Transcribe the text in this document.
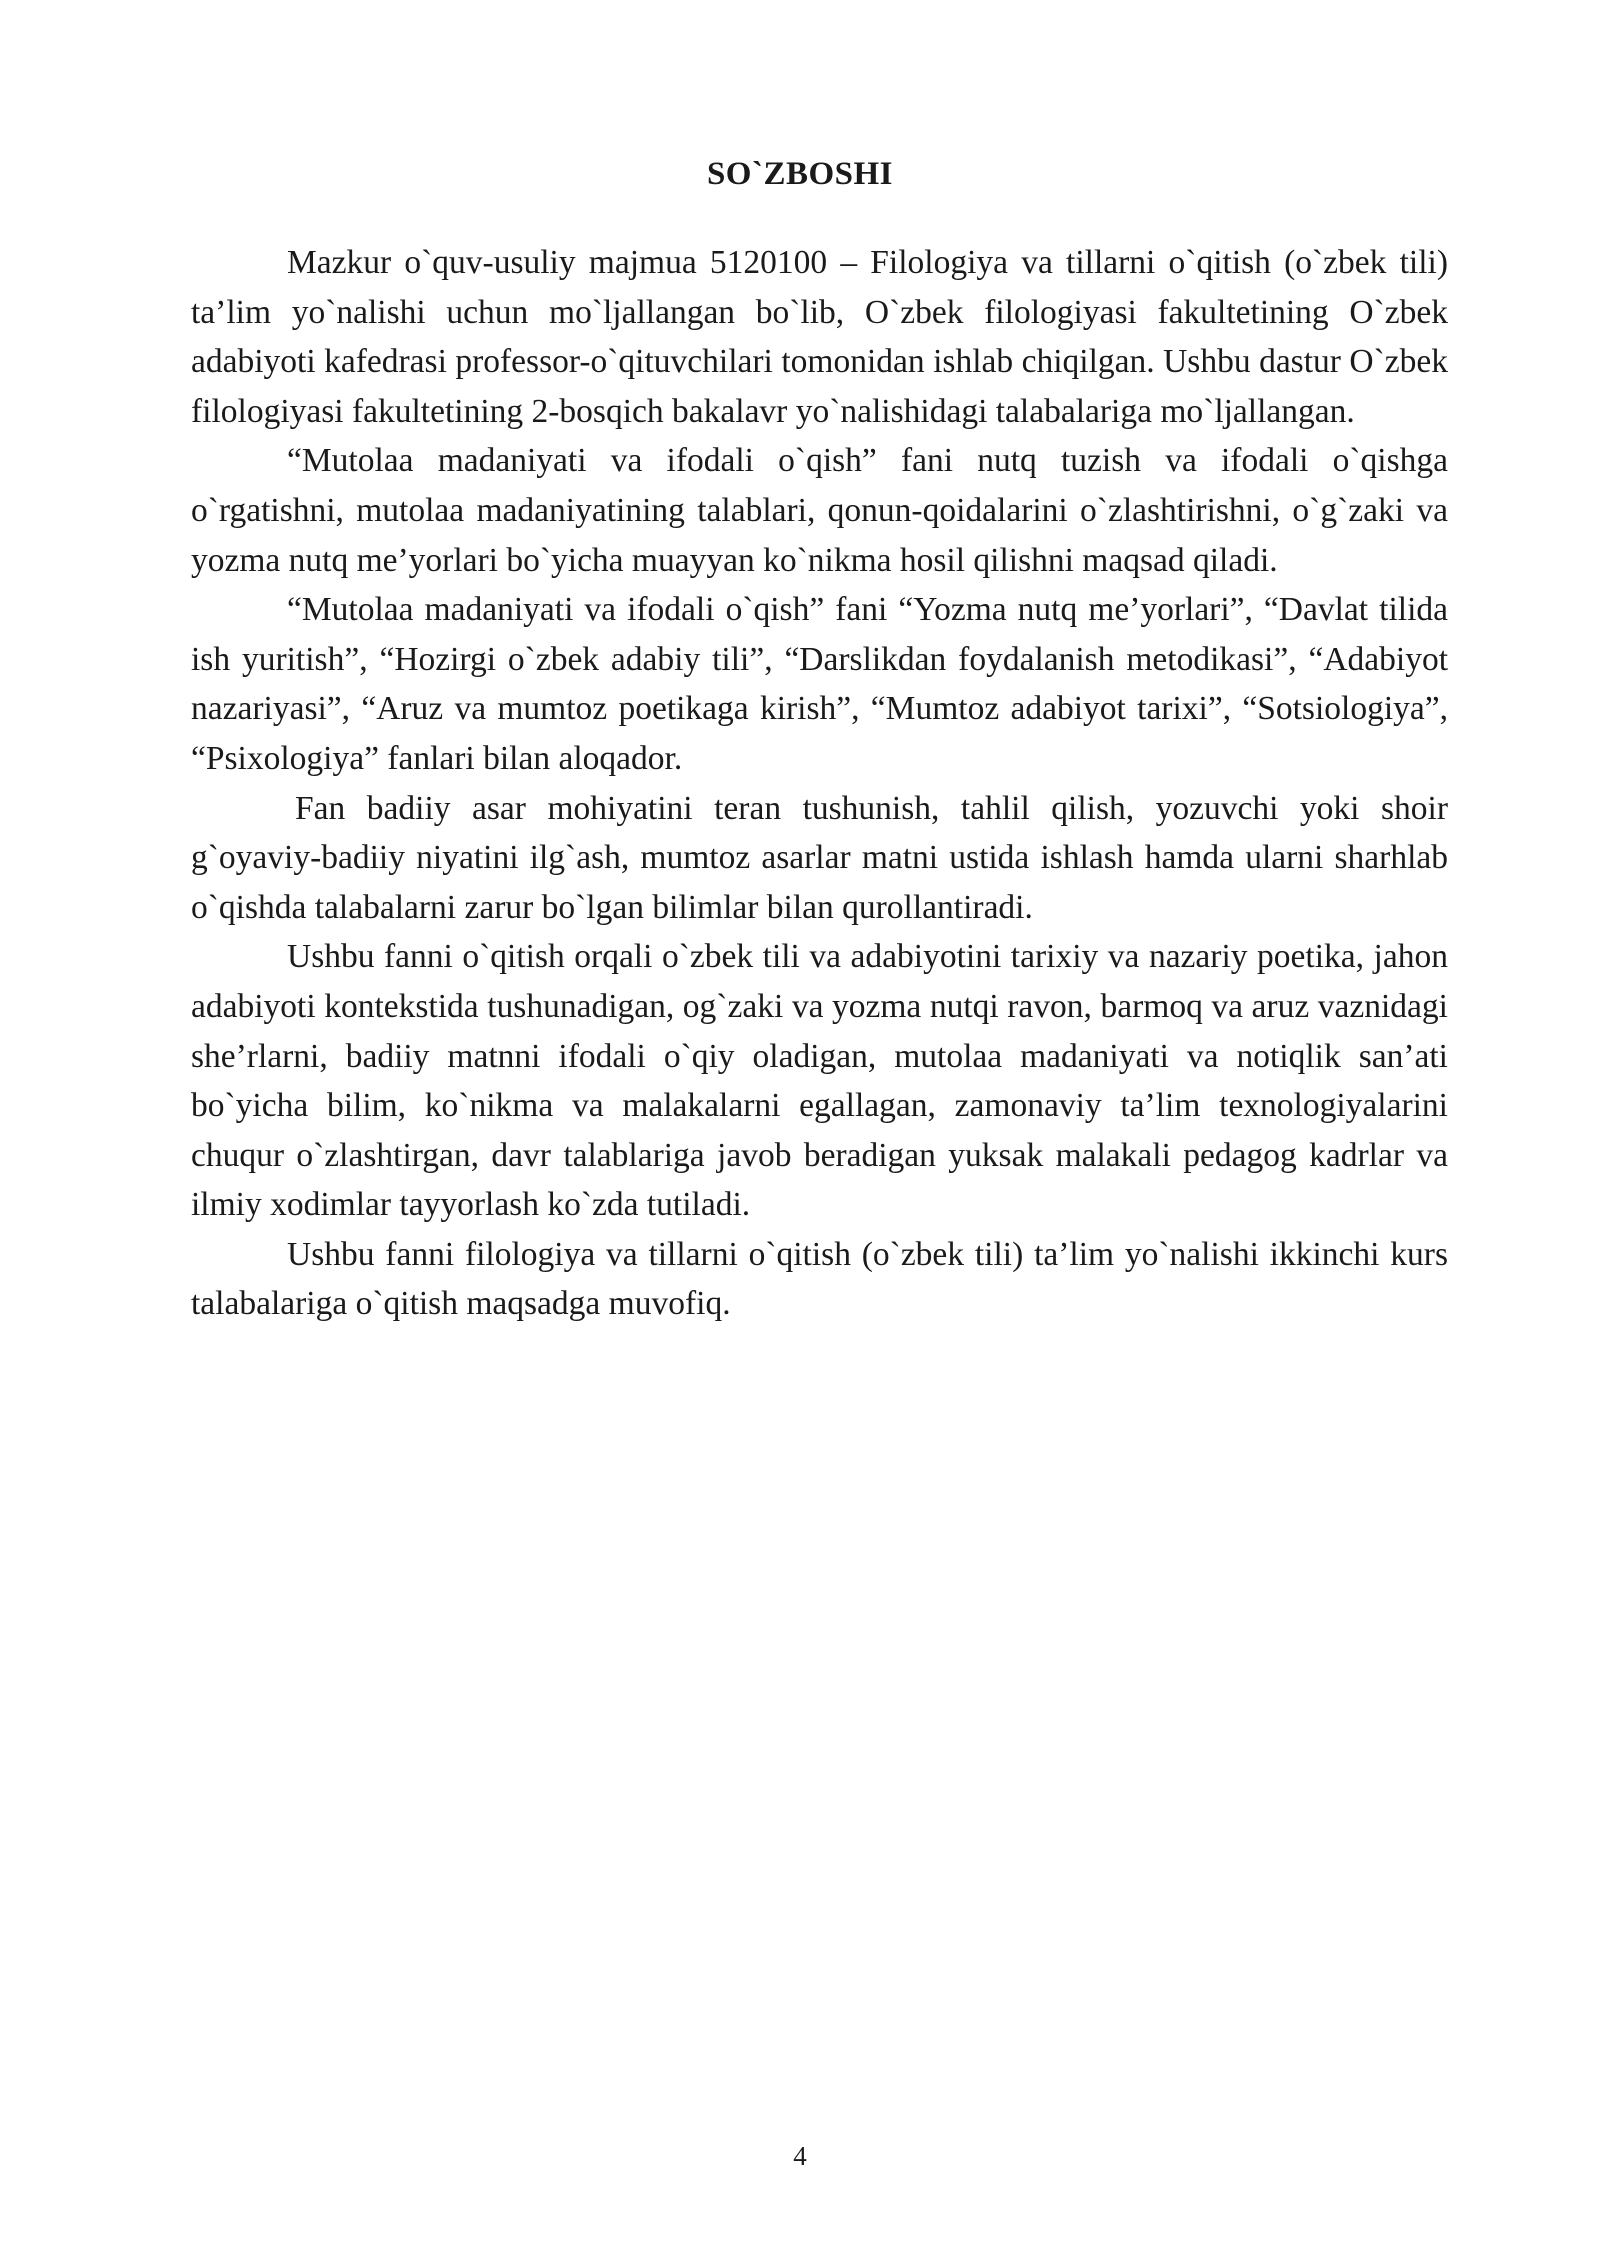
SO`ZBOSHI

Mazkur o`quv-usuliy majmua 5120100 – Filologiya va tillarni o`qitish (o`zbek tili) ta’lim yo`nalishi uchun mo`ljallangan bo`lib, O`zbek filologiyasi fakultetining O`zbek adabiyoti kafedrasi professor-o`qituvchilari tomonidan ishlab chiqilgan. Ushbu dastur O`zbek filologiyasi fakultetining 2-bosqich bakalavr yo`nalishidagi talabalariga mo`ljallangan.

“Mutolaa madaniyati va ifodali o`qish” fani nutq tuzish va ifodali o`qishga o`rgatishni, mutolaa madaniyatining talablari, qonun-qoidalarini o`zlashtirishni, o`g`zaki va yozma nutq me’yorlari bo`yicha muayyan ko`nikma hosil qilishni maqsad qiladi.

“Mutolaa madaniyati va ifodali o`qish” fani “Yozma nutq me’yorlari”, “Davlat tilida ish yuritish”, “Hozirgi o`zbek adabiy tili”, “Darslikdan foydalanish metodikasi”, “Adabiyot nazariyasi”, “Aruz va mumtoz poetikaga kirish”, “Mumtoz adabiyot tarixi”, “Sotsiologiya”, “Psixologiya” fanlari bilan aloqador.

Fan badiiy asar mohiyatini teran tushunish, tahlil qilish, yozuvchi yoki shoir g`oyaviy-badiiy niyatini ilg`ash, mumtoz asarlar matni ustida ishlash hamda ularni sharhlab o`qishda talabalarni zarur bo`lgan bilimlar bilan qurollantiradi.

Ushbu fanni o`qitish orqali o`zbek tili va adabiyotini tarixiy va nazariy poetika, jahon adabiyoti kontekstida tushunadigan, og`zaki va yozma nutqi ravon, barmoq va aruz vaznidagi she’rlarni, badiiy matnni ifodali o`qiy oladigan, mutolaa madaniyati va notiqlik san’ati bo`yicha bilim, ko`nikma va malakalarni egallagan, zamonaviy ta’lim texnologiyalarini chuqur o`zlashtirgan, davr talablariga javob beradigan yuksak malakali pedagog kadrlar va ilmiy xodimlar tayyorlash ko`zda tutiladi.

Ushbu fanni filologiya va tillarni o`qitish (o`zbek tili) ta’lim yo`nalishi ikkinchi kurs talabalariga o`qitish maqsadga muvofiq.

4
